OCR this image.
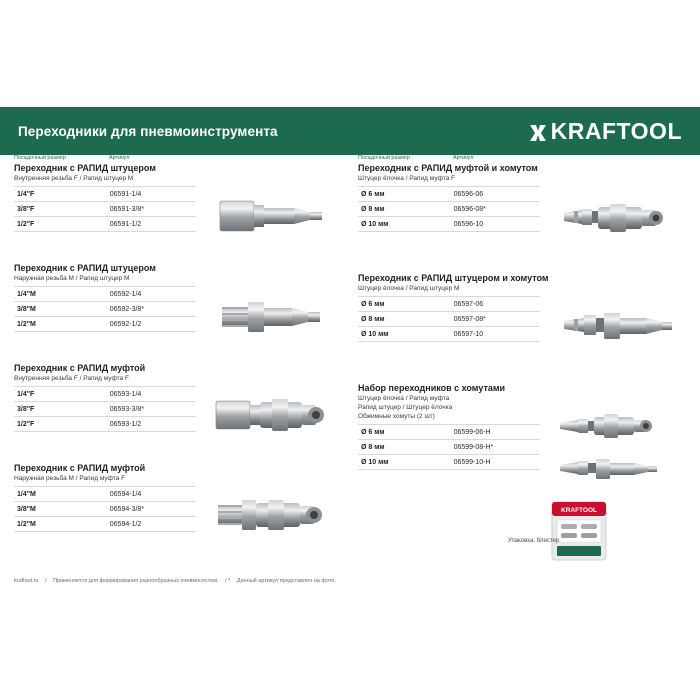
Переходники для пневмоинструмента	KRAFTOOL
Посадочный размер	Артикул
Переходник с РАПИД штуцером
Внутренняя резьба F / Рапид штуцер M
1/4"F	06591-1/4
3/8"F	06591-3/8*
1/2"F	06591-1/2
Переходник с РАПИД штуцером
Наружная резьба M / Рапид штуцер M
1/4"M	06592-1/4
3/8"M	06592-3/8*
1/2"M	06592-1/2
Переходник с РАПИД муфтой
Внутренняя резьба F / Рапид муфта F
1/4"F	06593-1/4
3/8"F	06593-3/8*
1/2"F	06593-1/2
Переходник с РАПИД муфтой
Наружная резьба M / Рапид муфта F
1/4"M	06594-1/4
3/8"M	06594-3/8*
1/2"M	06594-1/2
Посадочный размер	Артикул
Переходник с РАПИД муфтой и хомутом
Штуцер ёлочка / Рапид муфта F
Ø 6 мм	06596-06
Ø 8 мм	06596-08*
Ø 10 мм	06596-10
Переходник с РАПИД штуцером и хомутом
Штуцер ёлочка / Рапид штуцер M
Ø 6 мм	06597-06
Ø 8 мм	06597-08*
Ø 10 мм	06597-10
Набор переходников с хомутами
Штуцер ёлочка / Рапид муфта
Рапид штуцер / Штуцер ёлочка
Обжимные хомуты (2 шт)
Ø 6 мм	06599-06-H
Ø 8 мм	06599-08-H*
Ø 10 мм	06599-10-H
KRAFTOOL
Упаковка: блистер
kraftool.ru / Применяется для формирования разнообразных пневмосистем. / * Данный артикул представлен на фото.
